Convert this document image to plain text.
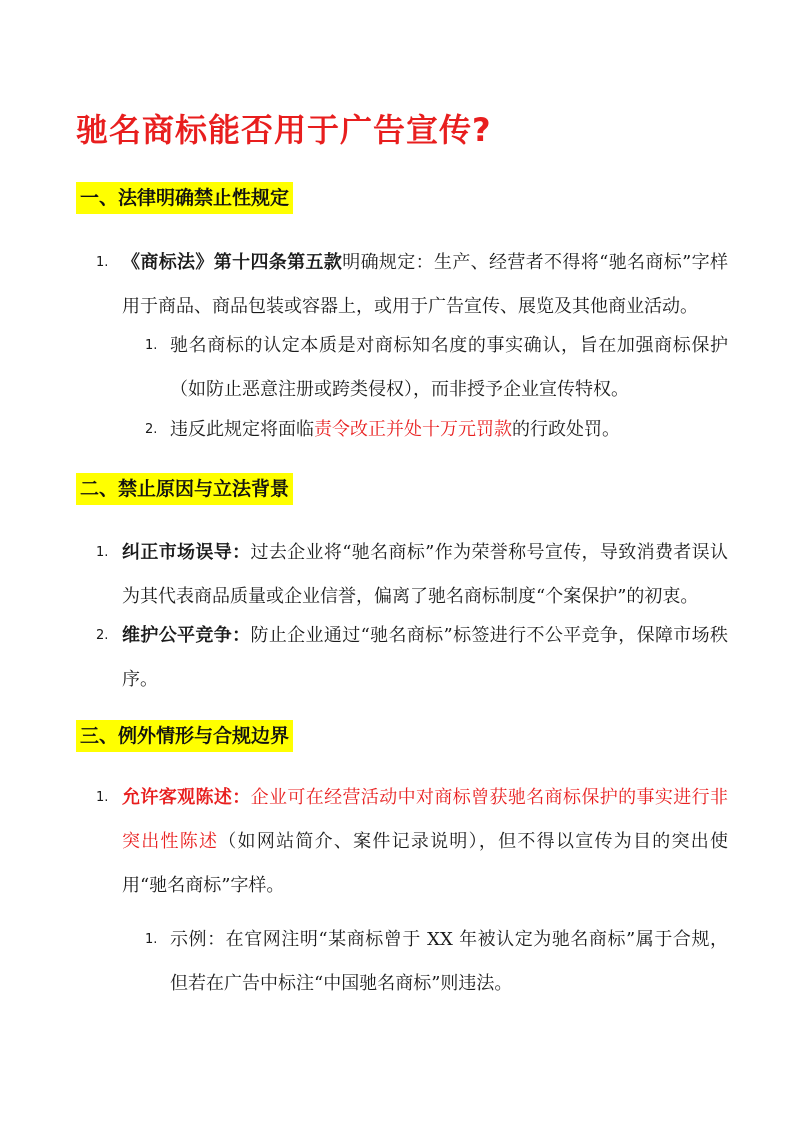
驰名商标能否用于广告宣传?
一、法律明确禁止性规定
1. 《商标法》第十四条第五款明确规定：生产、经营者不得将“驰名商标”字样用于商品、商品包装或容器上，或用于广告宣传、展览及其他商业活动。

1. 驰名商标的认定本质是对商标知名度的事实确认，旨在加强商标保护（如防止恶意注册或跨类侵权），而非授予企业宣传特权。

2. 违反此规定将面临责令改正并处十万元罚款的行政处罚。

二、禁止原因与立法背景
1. 纠正市场误导：过去企业将“驰名商标”作为荣誉称号宣传，导致消费者误认为其代表商品质量或企业信誉，偏离了驰名商标制度“个案保护”的初衷。

2. 维护公平竞争：防止企业通过“驰名商标”标签进行不公平竞争，保障市场秩序。

三、例外情形与合规边界
1. 允许客观陈述：企业可在经营活动中对商标曾获驰名商标保护的事实进行非突出性陈述（如网站简介、案件记录说明），但不得以宣传为目的突出使用“驰名商标”字样。

1. 示例：在官网注明“某商标曾于 XX 年被认定为驰名商标”属于合规，但若在广告中标注“中国驰名商标”则违法。
